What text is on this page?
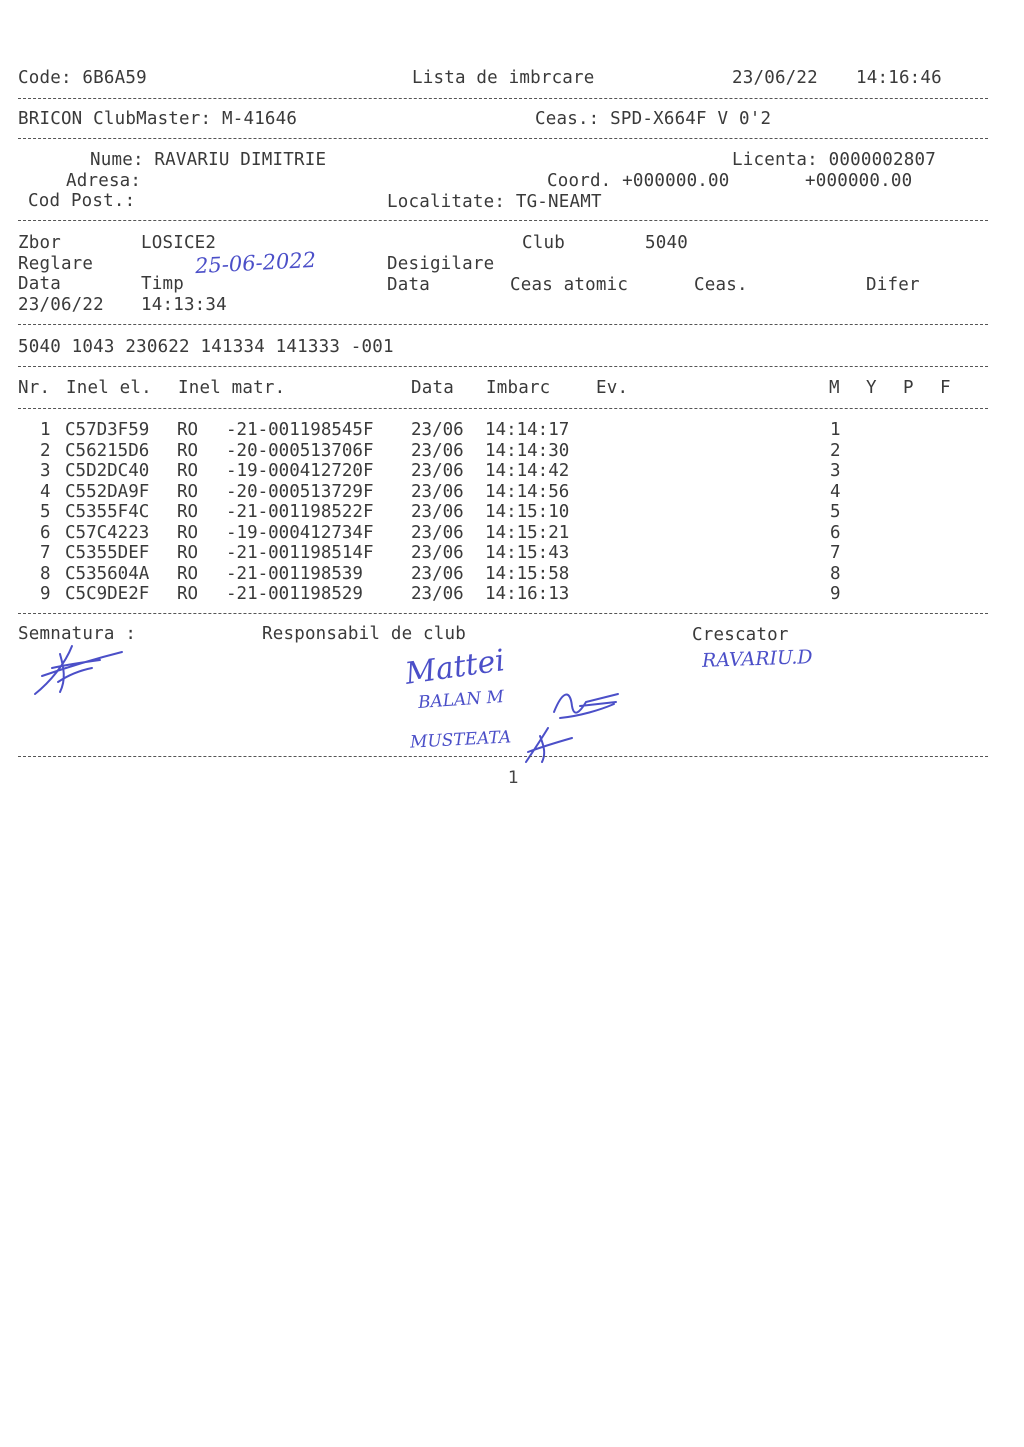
Code: 6B6A59	Lista de imbrcare	23/06/22 14:16:46
BRICON ClubMaster: M-41646	Ceas.: SPD-X664F V 0'2
Nume: RAVARIU DIMITRIE	Licenta: 0000002807
Adresa:	Coord. +000000.00	+000000.00
Cod Post.:	Localitate: TG-NEAMT
Zbor	LOSICE2	Club	5040
Reglare	25-06-2022	Desigilare
Data	Timp	Data	Ceas atomic	Ceas.	Difer
23/06/22 14:13:34
5040 1043 230622 141334 141333 -001
Nr. Inel el. Inel matr.	Data Imbarc	Ev.	M Y P F
1 C57D3F59 RO -21-001198545F 23/06 14:14:17	1
2 C56215D6 RO -20-000513706F 23/06 14:14:30	2
3 C5D2DC40 RO -19-000412720F 23/06 14:14:42	3
4 C552DA9F RO -20-000513729F 23/06 14:14:56	4
5 C5355F4C RO -21-001198522F 23/06 14:15:10	5
6 C57C4223 RO -19-000412734F 23/06 14:15:21	6
7 C5355DEF RO -21-001198514F 23/06 14:15:43	7
8 C535604A RO -21-001198539	23/06 14:15:58	8
9 C5C9DE2F RO -21-001198529	23/06 14:16:13	9
Semnatura :	Responsabil de club	Crescator
Mattei
BALAN M
MUSTEATA
RAVARIU.D
1
